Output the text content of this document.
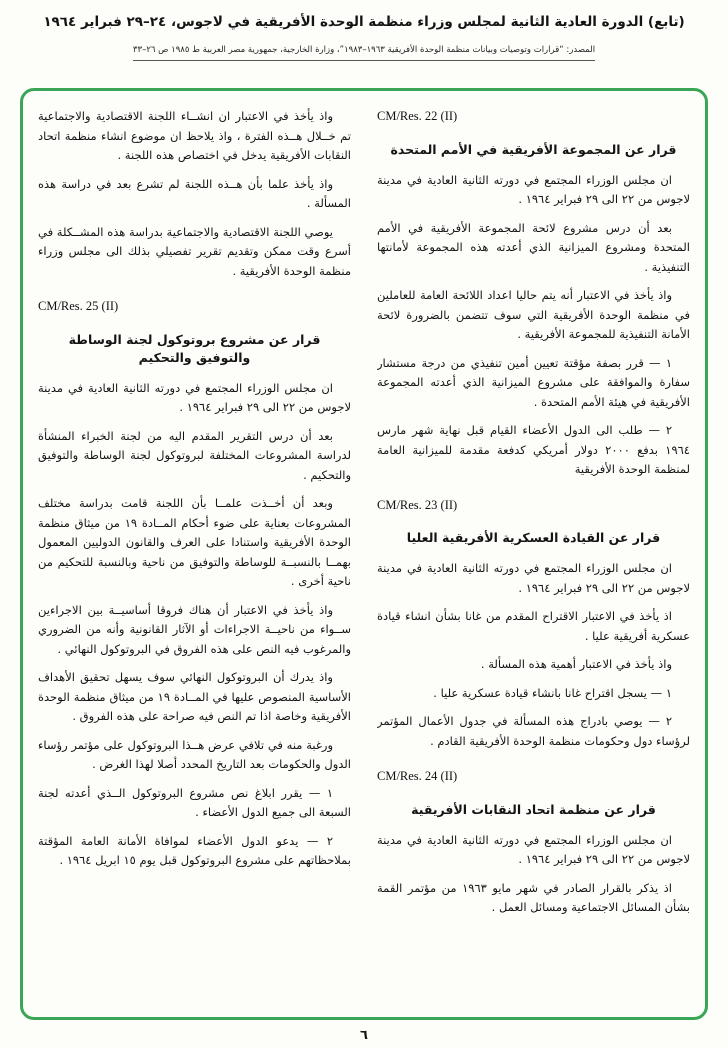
(تابع) الدورة العادية الثانية لمجلس وزراء منظمة الوحدة الأفريقية في لاجوس، ٢٤–٢٩ فبراير ١٩٦٤
المصدر: “قرارات وتوصيات وبيانات منظمة الوحدة الأفريقية ١٩٦٣–١٩٨٣”، وزارة الخارجية، جمهورية مصر العربية ط ١٩٨٥ ص ٢٦–٣٣
CM/Res. 22 (II)
قرار عن المجموعة الأفريقية في الأمم المتحدة

ان مجلس الوزراء المجتمع في دورته الثانية العادية في مدينة لاجوس من ٢٢ الى ٢٩ فبراير ١٩٦٤ .

بعد أن درس مشروع لائحة المجموعة الأفريقية في الأمم المتحدة ومشروع الميزانية الذي أعدته هذه المجموعة لأمانتها التنفيذية .

واذ يأخذ في الاعتبار أنه يتم حاليا اعداد اللائحة العامة للعاملين في منظمة الوحدة الأفريقية التي سوف تتضمن بالضرورة لائحة الأمانة التنفيذية للمجموعة الأفريقية .

١ — قرر بصفة مؤقتة تعيين أمين تنفيذي من درجة مستشار سفارة والموافقة على مشروع الميزانية الذي أعدته المجموعة الأفريقية في هيئة الأمم المتحدة .

٢ — طلب الى الدول الأعضاء القيام قبل نهاية شهر مارس ١٩٦٤ بدفع ٢٠٠٠ دولار أمريكي كدفعة مقدمة للميزانية العامة لمنظمة الوحدة الأفريقية

CM/Res. 23 (II)
قرار عن القيادة العسكرية الأفريقية العليا

ان مجلس الوزراء المجتمع في دورته الثانية العادية في مدينة لاجوس من ٢٢ الى ٢٩ فبراير ١٩٦٤ .

اذ يأخذ في الاعتبار الاقتراح المقدم من غانا بشأن انشاء قيادة عسكرية أفريقية عليا .

واذ يأخذ في الاعتبار أهمية هذه المسألة .

١ — يسجل اقتراح غانا بانشاء قيادة عسكرية عليا .

٢ — يوصي بادراج هذه المسألة في جدول الأعمال المؤتمر لرؤساء دول وحكومات منظمة الوحدة الأفريقية القادم .

CM/Res. 24 (II)
قرار عن منظمة اتحاد النقابات الأفريقية

ان مجلس الوزراء المجتمع في دورته الثانية العادية في مدينة لاجوس من ٢٢ الى ٢٩ فبراير ١٩٦٤ .

اذ يذكر بالقرار الصادر في شهر مايو ١٩٦٣ من مؤتمر القمة بشأن المسائل الاجتماعية ومسائل العمل .

واذ يأخذ في الاعتبار ان انشــاء اللجنة الاقتصادية والاجتماعية تم خــلال هــذه الفترة ، واذ يلاحظ ان موضوع انشاء منظمة اتحاد النقابات الأفريقية يدخل في اختصاص هذه اللجنة .

واذ يأخذ علما بأن هــذه اللجنة لم تشرع بعد في دراسة هذه المسألة .

يوصي اللجنة الاقتصادية والاجتماعية بدراسة هذه المشــكلة في أسرع وقت ممكن وتقديم تقرير تفصيلي بذلك الى مجلس وزراء منظمة الوحدة الأفريقية .

CM/Res. 25 (II)
قرار عن مشروع بروتوكول لجنة الوساطة والتوفيق والتحكيم

ان مجلس الوزراء المجتمع في دورته الثانية العادية في مدينة لاجوس من ٢٢ الى ٢٩ فبراير ١٩٦٤ .

بعد أن درس التقرير المقدم اليه من لجنة الخبراء المنشأة لدراسة المشروعات المختلفة لبروتوكول لجنة الوساطة والتوفيق والتحكيم .

وبعد أن أخــذت علمــا بأن اللجنة قامت بدراسة مختلف المشروعات بعناية على ضوء أحكام المــادة ١٩ من ميثاق منظمة الوحدة الأفريقية واستنادا على العرف والقانون الدوليين المعمول بهمــا بالنسبــة للوساطة والتوفيق من ناحية وبالنسبة للتحكيم من ناحية أخرى .

واذ يأخذ في الاعتبار أن هناك فروقا أساسيــة بين الاجراءين ســواء من ناحيــة الاجراءات أو الآثار القانونية وأنه من الضروري والمرغوب فيه النص على هذه الفروق في البروتوكول النهائي .

واذ يدرك أن البروتوكول النهائي سوف يسهل تحقيق الأهداف الأساسية المنصوص عليها في المــادة ١٩ من ميثاق منظمة الوحدة الأفريقية وخاصة اذا تم النص فيه صراحة على هذه الفروق .

ورغبة منه في تلافي عرض هــذا البروتوكول على مؤتمر رؤساء الدول والحكومات بعد التاريخ المحدد أصلا لهذا الغرض .

١ — يقرر ابلاغ نص مشروع البروتوكول الــذي أعدته لجنة السبعة الى جميع الدول الأعضاء .

٢ — يدعو الدول الأعضاء لموافاة الأمانة العامة المؤقتة بملاحظاتهم على مشروع البروتوكول قبل يوم ١٥ ابريل ١٩٦٤ .

٦
